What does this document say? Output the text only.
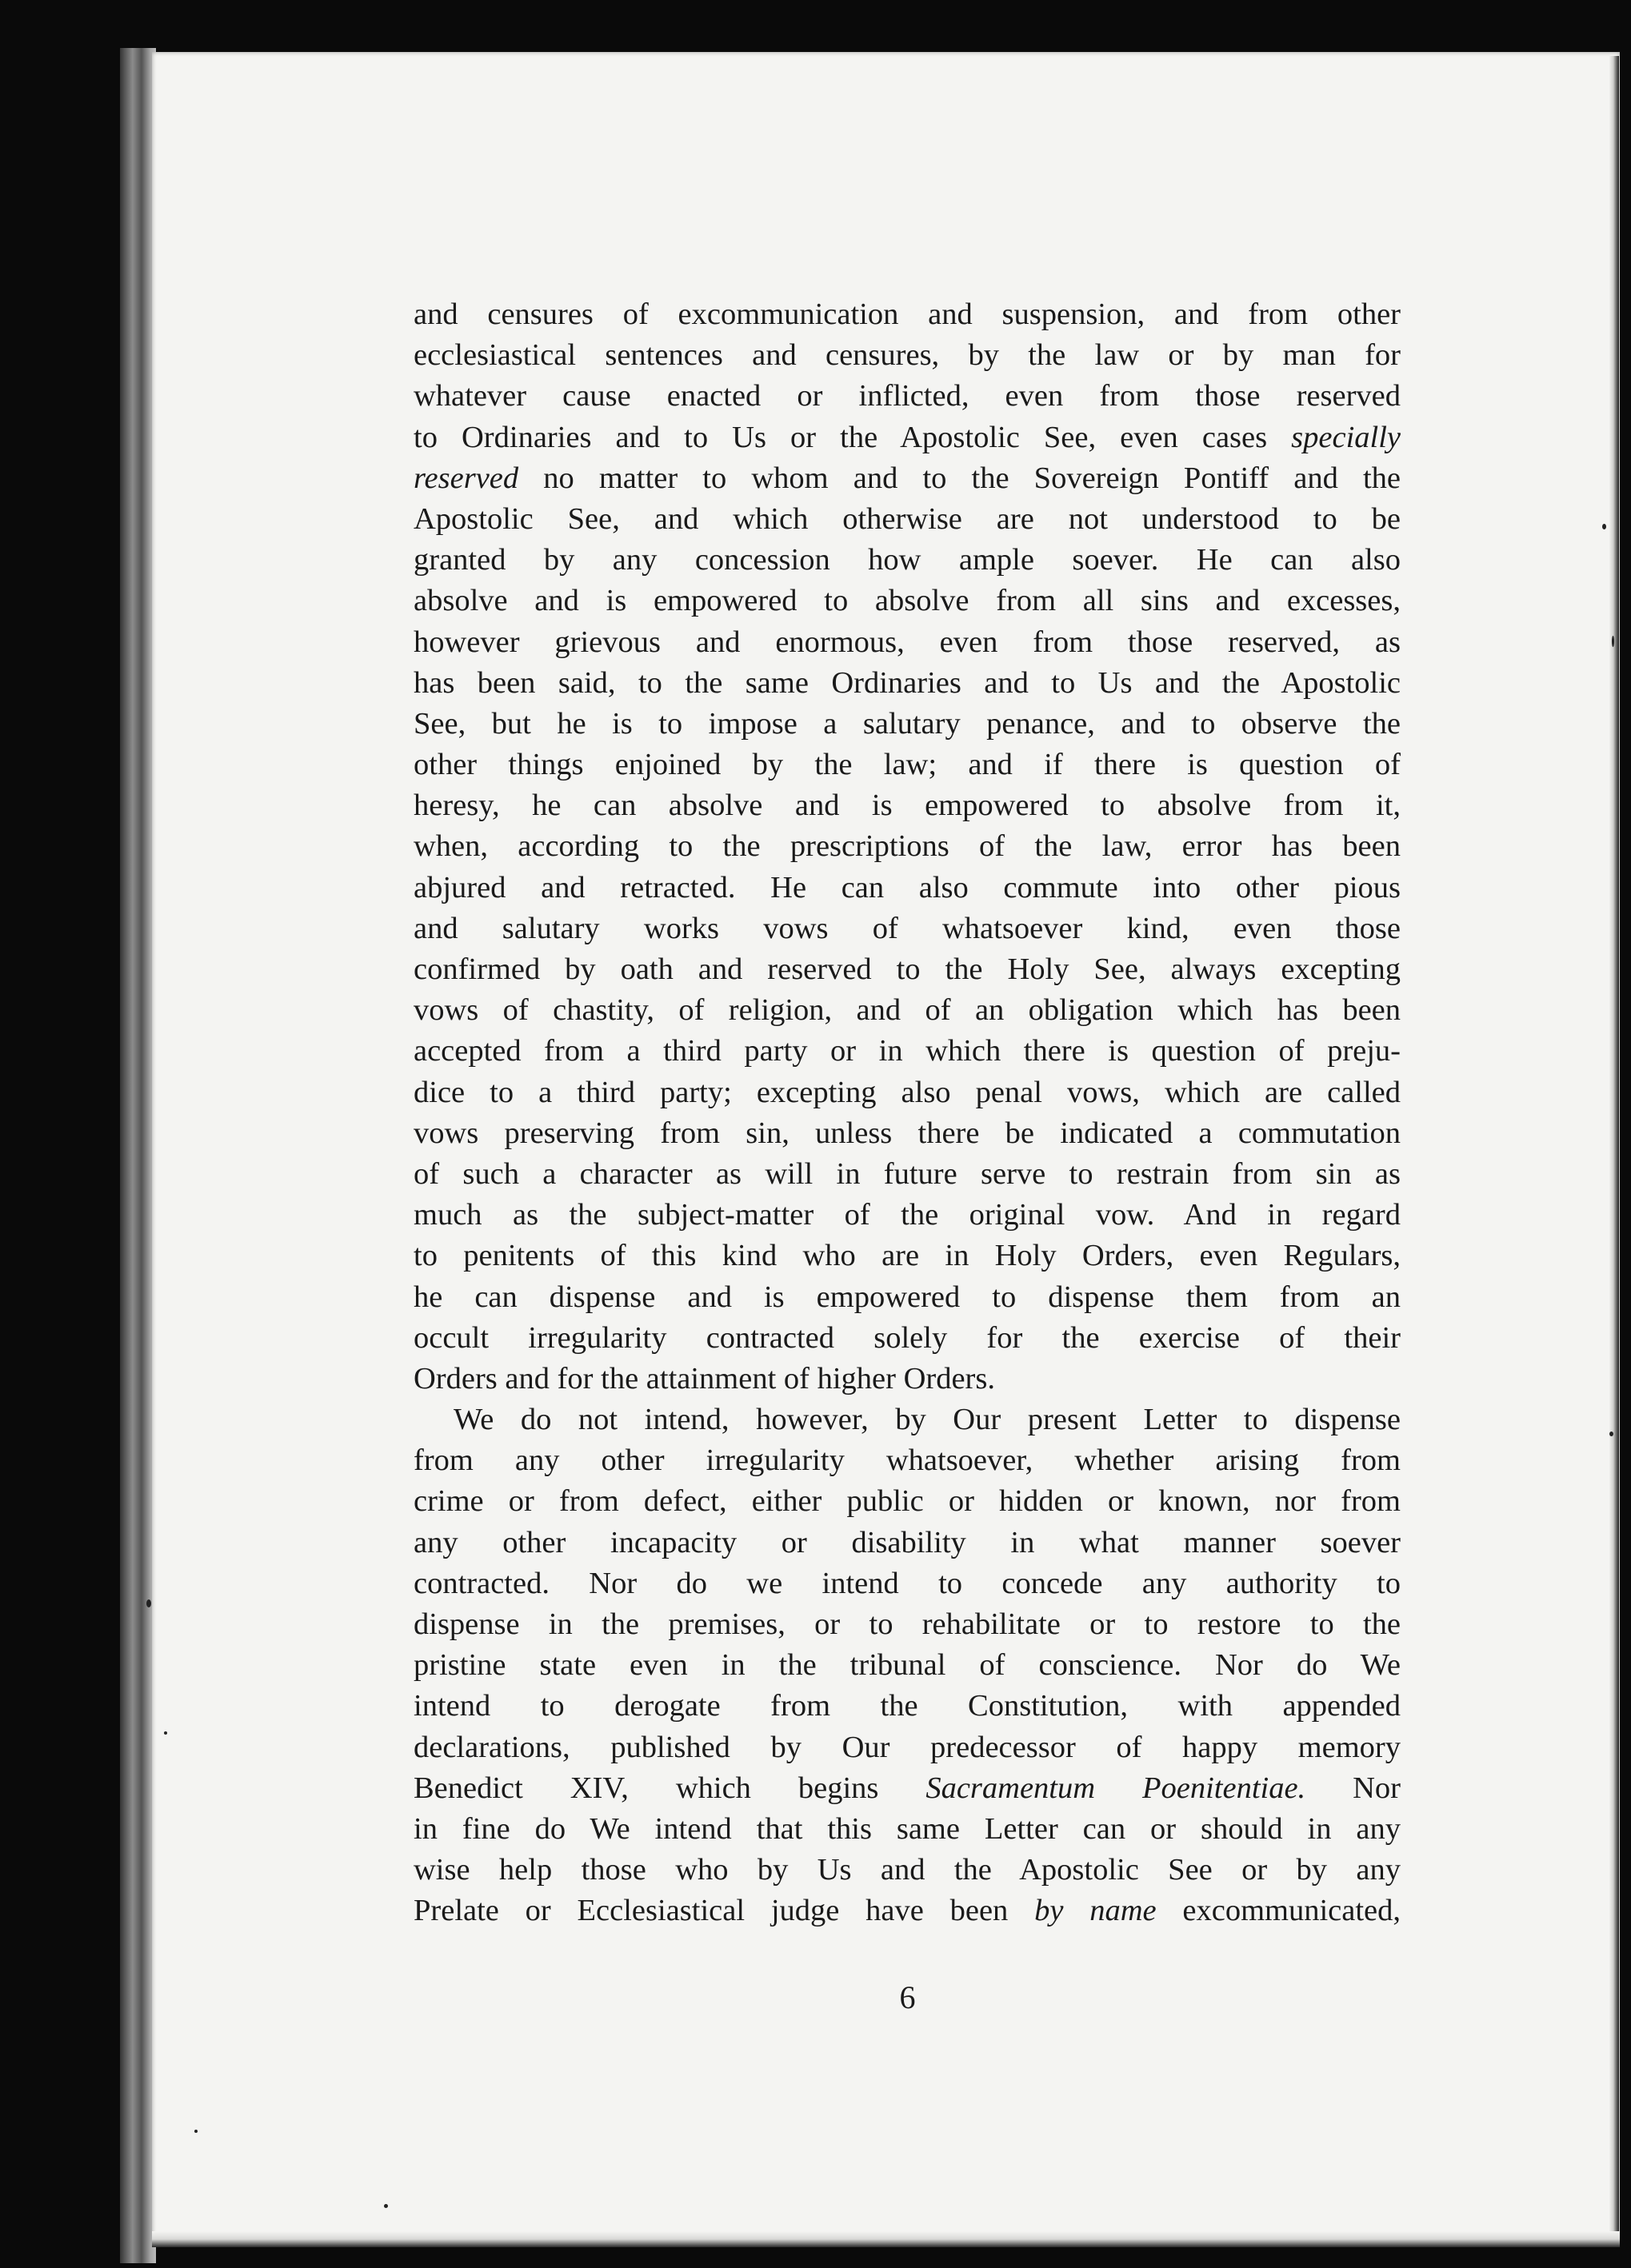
and censures of excommunication and suspension, and from other
ecclesiastical sentences and censures, by the law or by man for
whatever cause enacted or inflicted, even from those reserved
to Ordinaries and to Us or the Apostolic See, even cases specially
reserved no matter to whom and to the Sovereign Pontiff and the
Apostolic See, and which otherwise are not understood to be
granted by any concession how ample soever. He can also
absolve and is empowered to absolve from all sins and excesses,
however grievous and enormous, even from those reserved, as
has been said, to the same Ordinaries and to Us and the Apostolic
See, but he is to impose a salutary penance, and to observe the
other things enjoined by the law; and if there is question of
heresy, he can absolve and is empowered to absolve from it,
when, according to the prescriptions of the law, error has been
abjured and retracted. He can also commute into other pious
and salutary works vows of whatsoever kind, even those
confirmed by oath and reserved to the Holy See, always excepting
vows of chastity, of religion, and of an obligation which has been
accepted from a third party or in which there is question of preju-
dice to a third party; excepting also penal vows, which are called
vows preserving from sin, unless there be indicated a commutation
of such a character as will in future serve to restrain from sin as
much as the subject-matter of the original vow. And in regard
to penitents of this kind who are in Holy Orders, even Regulars,
he can dispense and is empowered to dispense them from an
occult irregularity contracted solely for the exercise of their
Orders and for the attainment of higher Orders.
We do not intend, however, by Our present Letter to dispense
from any other irregularity whatsoever, whether arising from
crime or from defect, either public or hidden or known, nor from
any other incapacity or disability in what manner soever
contracted. Nor do we intend to concede any authority to
dispense in the premises, or to rehabilitate or to restore to the
pristine state even in the tribunal of conscience. Nor do We
intend to derogate from the Constitution, with appended
declarations, published by Our predecessor of happy memory
Benedict XIV, which begins Sacramentum Poenitentiae. Nor
in fine do We intend that this same Letter can or should in any
wise help those who by Us and the Apostolic See or by any
Prelate or Ecclesiastical judge have been by name excommunicated,
6
